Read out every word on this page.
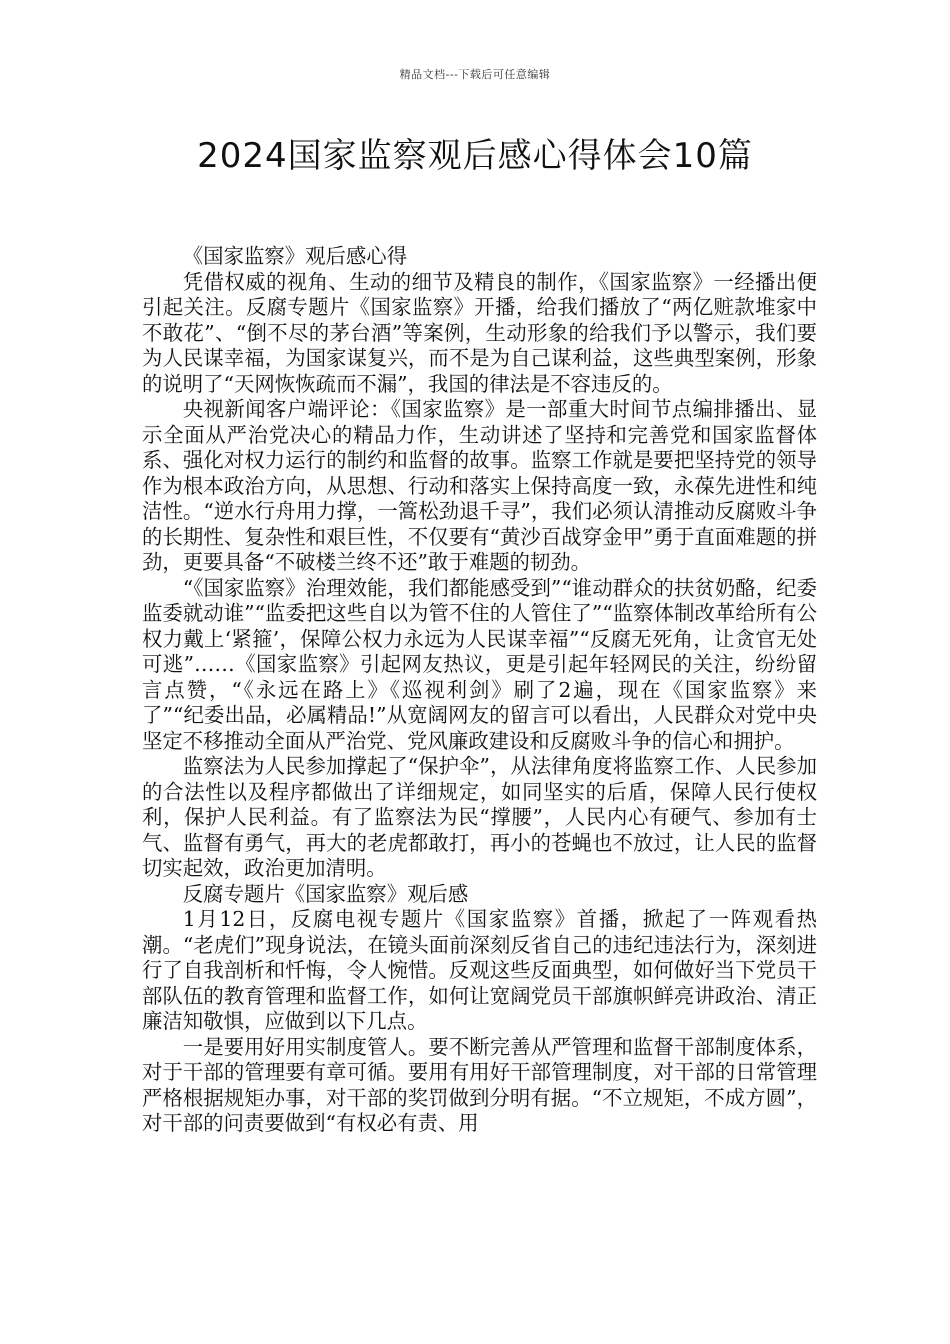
精品文档---下载后可任意编辑
2024国家监察观后感心得体会10篇

《国家监察》观后感心得

凭借权威的视角、生动的细节及精良的制作，《国家监察》一经播出便引起关注。反腐专题片《国家监察》开播，给我们播放了“两亿赃款堆家中不敢花”、“倒不尽的茅台酒”等案例，生动形象的给我们予以警示，我们要为人民谋幸福，为国家谋复兴，而不是为自己谋利益，这些典型案例，形象的说明了“天网恢恢疏而不漏”，我国的律法是不容违反的。

央视新闻客户端评论：《国家监察》是一部重大时间节点编排播出、显示全面从严治党决心的精品力作，生动讲述了坚持和完善党和国家监督体系、强化对权力运行的制约和监督的故事。监察工作就是要把坚持党的领导作为根本政治方向，从思想、行动和落实上保持高度一致，永葆先进性和纯洁性。“逆水行舟用力撑，一篙松劲退千寻”，我们必须认清推动反腐败斗争的长期性、复杂性和艰巨性，不仅要有“黄沙百战穿金甲”勇于直面难题的拼劲，更要具备“不破楼兰终不还”敢于难题的韧劲。

“《国家监察》治理效能，我们都能感受到”“谁动群众的扶贫奶酪，纪委监委就动谁”“监委把这些自以为管不住的人管住了”“监察体制改革给所有公权力戴上‘紧箍’，保障公权力永远为人民谋幸福”“反腐无死角，让贪官无处可逃”……《国家监察》引起网友热议，更是引起年轻网民的关注，纷纷留言点赞，“《永远在路上》《巡视利剑》刷了2遍，现在《国家监察》来了”“纪委出品，必属精品!”从宽阔网友的留言可以看出，人民群众对党中央坚定不移推动全面从严治党、党风廉政建设和反腐败斗争的信心和拥护。

监察法为人民参加撑起了“保护伞”，从法律角度将监察工作、人民参加的合法性以及程序都做出了详细规定，如同坚实的后盾，保障人民行使权利，保护人民利益。有了监察法为民“撑腰”，人民内心有硬气、参加有士气、监督有勇气，再大的老虎都敢打，再小的苍蝇也不放过，让人民的监督切实起效，政治更加清明。

反腐专题片《国家监察》观后感

1月12日，反腐电视专题片《国家监察》首播，掀起了一阵观看热潮。“老虎们”现身说法，在镜头面前深刻反省自己的违纪违法行为，深刻进行了自我剖析和忏悔，令人惋惜。反观这些反面典型，如何做好当下党员干部队伍的教育管理和监督工作，如何让宽阔党员干部旗帜鲜亮讲政治、清正廉洁知敬惧，应做到以下几点。

一是要用好用实制度管人。要不断完善从严管理和监督干部制度体系，对于干部的管理要有章可循。要用有用好干部管理制度，对干部的日常管理严格根据规矩办事，对干部的奖罚做到分明有据。“不立规矩，不成方圆”，对干部的问责要做到“有权必有责、用
